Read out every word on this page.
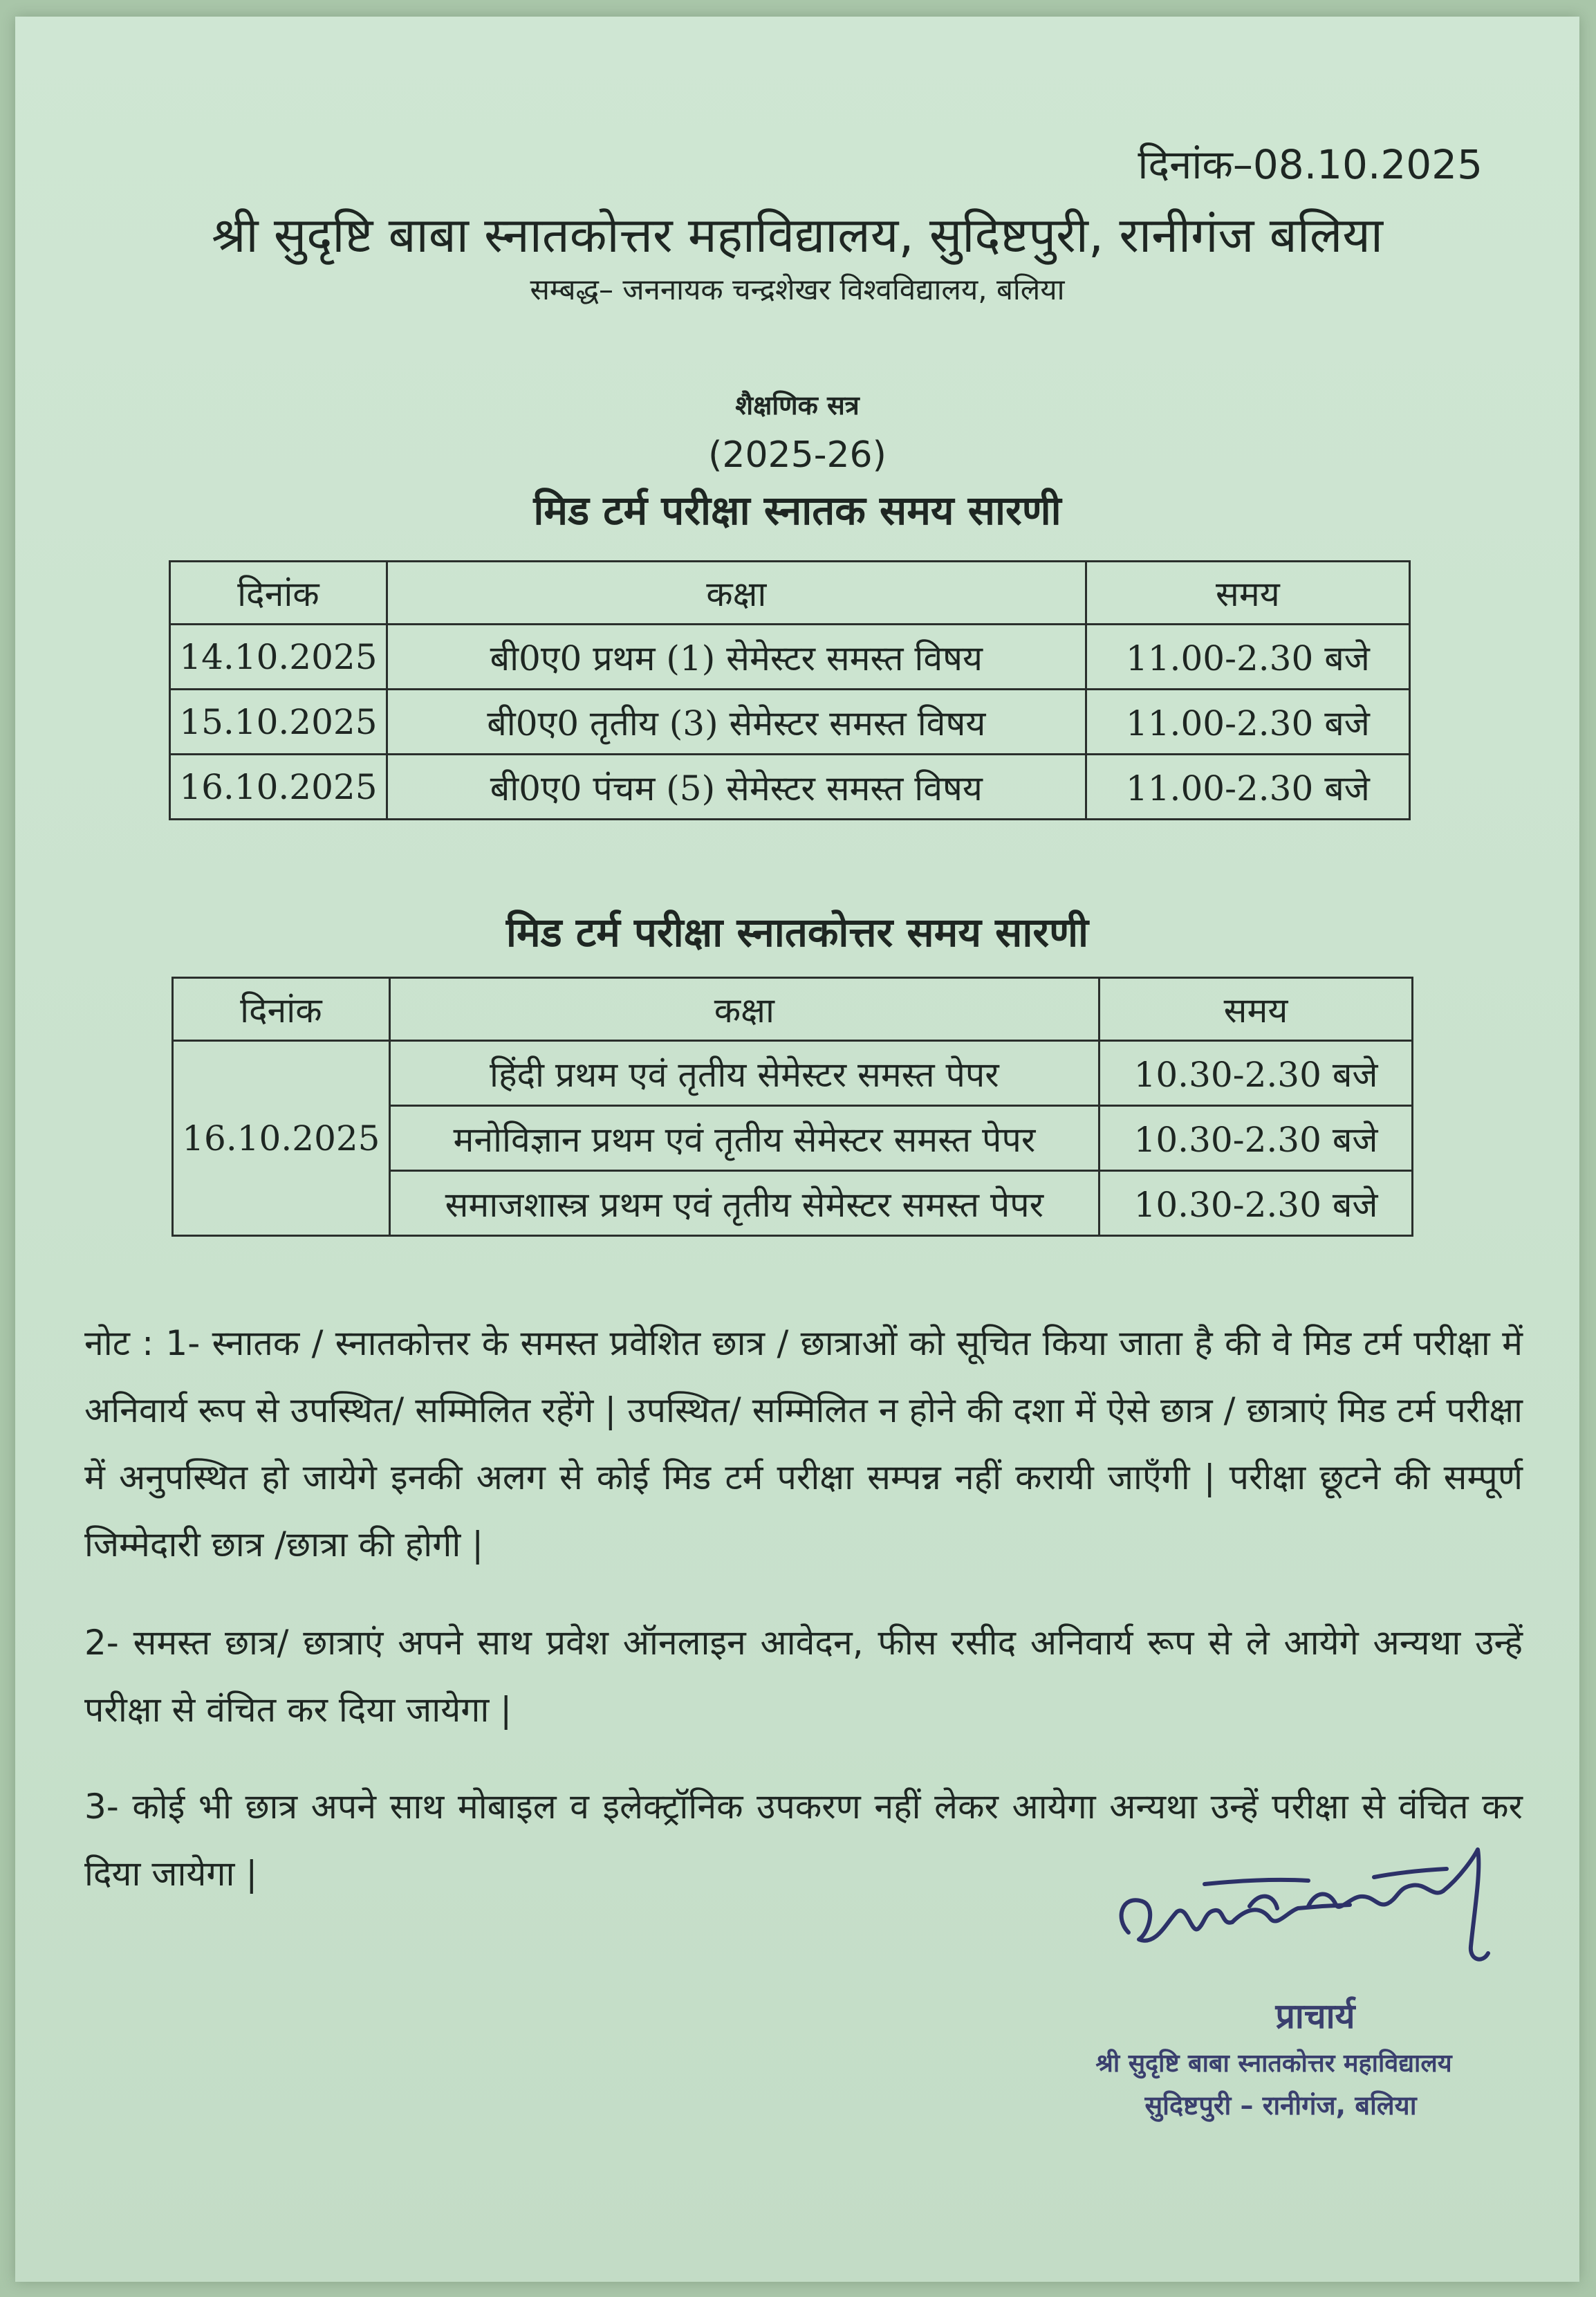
दिनांक–08.10.2025
श्री सुदृष्टि बाबा स्नातकोत्तर महाविद्यालय, सुदिष्टपुरी, रानीगंज बलिया
सम्बद्ध– जननायक चन्द्रशेखर विश्वविद्यालय, बलिया
शैक्षणिक सत्र
(2025-26)
मिड टर्म परीक्षा स्नातक समय सारणी
दिनांक	कक्षा	समय
14.10.2025	बी0ए0 प्रथम (1) सेमेस्टर समस्त विषय	11.00-2.30 बजे
15.10.2025	बी0ए0 तृतीय (3) सेमेस्टर समस्त विषय	11.00-2.30 बजे
16.10.2025	बी0ए0 पंचम (5) सेमेस्टर समस्त विषय	11.00-2.30 बजे
मिड टर्म परीक्षा स्नातकोत्तर समय सारणी
दिनांक	कक्षा	समय
16.10.2025	हिंदी प्रथम एवं तृतीय सेमेस्टर समस्त पेपर	10.30-2.30 बजे
	मनोविज्ञान प्रथम एवं तृतीय सेमेस्टर समस्त पेपर	10.30-2.30 बजे
	समाजशास्त्र प्रथम एवं तृतीय सेमेस्टर समस्त पेपर	10.30-2.30 बजे
नोट : 1- स्नातक / स्नातकोत्तर के समस्त प्रवेशित छात्र / छात्राओं को सूचित किया जाता है की वे मिड टर्म परीक्षा में अनिवार्य रूप से उपस्थित/ सम्मिलित रहेंगे | उपस्थित/ सम्मिलित न होने की दशा में ऐसे छात्र / छात्राएं मिड टर्म परीक्षा में अनुपस्थित हो जायेगे इनकी अलग से कोई मिड टर्म परीक्षा सम्पन्न नहीं करायी जाएँगी | परीक्षा छूटने की सम्पूर्ण जिम्मेदारी छात्र /छात्रा की होगी |
2- समस्त छात्र/ छात्राएं अपने साथ प्रवेश ऑनलाइन आवेदन, फीस रसीद अनिवार्य रूप से ले आयेगे अन्यथा उन्हें परीक्षा से वंचित कर दिया जायेगा |
3- कोई भी छात्र अपने साथ मोबाइल व इलेक्ट्रॉनिक उपकरण नहीं लेकर आयेगा अन्यथा उन्हें परीक्षा से वंचित कर दिया जायेगा |
प्राचार्य
श्री सुदृष्टि बाबा स्नातकोत्तर महाविद्यालय
सुदिष्टपुरी – रानीगंज, बलिया
